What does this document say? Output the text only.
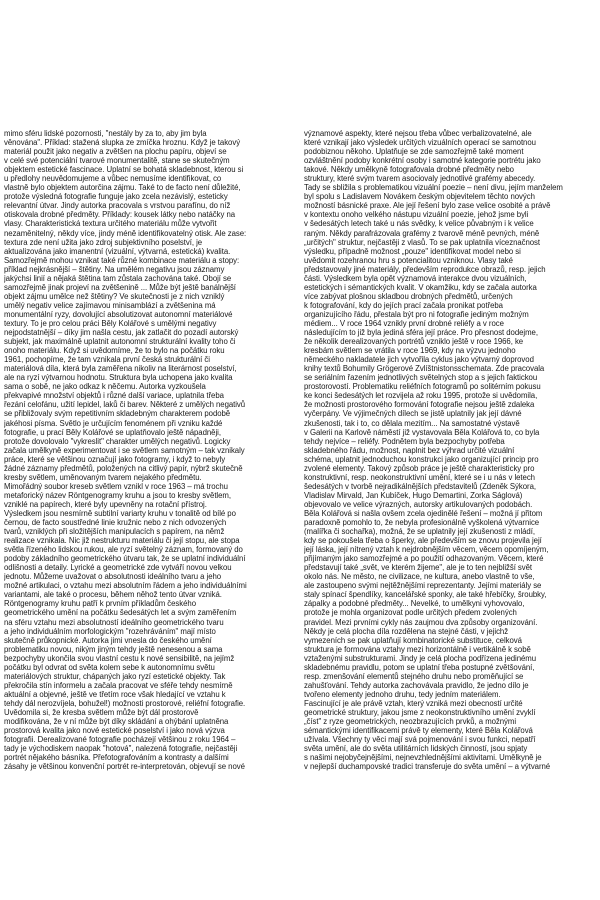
mimo sféru lidské pozornosti, "nestály by za to, aby jim byla
věnována". Příklad: stažená slupka ze zmíčka hroznu. Když je takový
materiál použit jako negativ a zvětšen na plochu papíru, objeví se
v celé své potenciální tvarové monumentalitě, stane se skutečným
objektem estetické fascinace. Uplatní se bohatá skladebnost, kterou si
u předlohy neuvědomujeme a vůbec nemusíme identifikovat, co
vlastně bylo objektem autorčina zájmu. Také to de facto není důležité,
protože výsledná fotografie funguje jako zcela nezávislý, esteticky
relevantní útvar. Jindy autorka pracovala s vrstvou parafínu, do níž
otiskovala drobné předměty. Příklady: kousek látky nebo natáčky na
vlasy. Charakteristická textura určitého materiálu může vytvořit
nezaměnitelný, někdy více, jindy méně identifikovatelný otisk. Ale zase:
textura zde není užita jako zdroj subjektivního poselství, je
aktualizována jako imanentní (vizuální, výtvarná, estetická) kvalita.
Samozřejmě mohou vznikat také různé kombinace materiálu a stopy:
příklad nejkrásnější – štětiny. Na umělém negativu jsou záznamy
jakýchsi linií a nějaká štětina tam zůstala zachována také. Obojí se
samozřejmě jinak projeví na zvětšenině ... Může být ještě banálnější
objekt zájmu umělce než štětiny? Ve skutečnosti je z nich vzniklý
umělý negativ velice zajímavou minisamblází a zvětšenina má
monumentální ryzy, dovolující absolutizovat autonomní materiálové
textury. To je pro celou práci Běly Kolářové s umělými negativy
nejpodstatnější – díky jim našla cestu, jak zatlačit do pozadí autorský
subjekt, jak maximálně uplatnit autonomní strukturální kvality toho či
onoho materiálu. Když si uvědomíme, že to bylo na počátku roku
1961, pochopíme, že tam vznikala první česká strukturální či
materiálová díla, která byla zaměřena nikoliv na literárnost poselství,
ale na ryzí výtvarnou hodnotu. Struktura byla uchopena jako kvalita
sama o sobě, ne jako odkaz k něčemu. Autorka vyzkoušela
překvapivé množství objektů i různé další variace, uplatnila třeba
řezání celofánu, užití lepidel, laků či barev. Některé z umělých negativů
se přibližovaly svým repetitivním skladebným charakterem podobě
jakéhosi písma. Světlo je určujícím fenoménem při vzniku každé
fotografie, u prací Běly Kolářové se uplatňovalo ještě nápadněji,
protože dovolovalo "vykreslit" charakter umělých negativů. Logicky
začala umělkyně experimentovat i se světlem samotným – tak vznikaly
práce, které se většinou označují jako fotogramy, i když to nebyly
žádné záznamy předmětů, položených na citlivý papír, nýbrž skutečně
kresby světlem, uměnovaným tvarem nejakého předmětu.
Mimořádný soubor kreseb světlem vznikl v roce 1963 – má trochu
metaforický název Röntgenogramy kruhu a jsou to kresby světlem,
vzniklé na papírech, které byly upevněny na rotační přístroj.
Výsledkem jsou nesmírně subtilní variarty kruhu v tonalitě od bílé po
černou, de facto soustředné linie kružnic nebo z nich odvozených
tvarů, vzniklých při složitějších manipulacích s papírem, na němž
realizace vznikala. Nic již nestrukturu materiálu či její stopu, ale stopa
světla řízeného lidskou rukou, ale ryzí světelný záznam, formovaný do
podoby základního geometrického útvaru tak, že se uplatní individuální
odlišnosti a detaily. Lyrické a geometrické zde vytváří novou velkou
jednotu. Můžeme uvažovat o absolutnosti ideálního tvaru a jeho
možné artikulaci, o vztahu mezi absolutním řádem a jeho individuálními
variantami, ale také o procesu, během něhož tento útvar vzniká.
Röntgenogramy kruhu patří k prvním příkladům českého
geometrického umění na počátku šedesátých let a svým zaměřením
na sféru vztahu mezi absolutností ideálního geometrického tvaru
a jeho individuálním morfologickým "rozehráváním" mají místo
skutečně průkopnické. Autorka jimi vnesla do českého umění
problematiku novou, nikým jiným tehdy ještě nenesenou a sama
bezpochyby ukončila svou vlastní cestu k nové sensibilitě, na jejímž
počátku byl odvrat od světa kolem sebe k autonomnímu světu
materiálových struktur, chápaných jako ryzí estetické objekty. Tak
překročila stín informelu a začala pracovat ve sféře tehdy nesmírně
aktuální a objevné, ještě ve třetím roce však hledající ve vztahu k
tehdy dál nerozvíjela, bohužel!) možnosti prostorové, reliéfní fotografie.
Uvědomila si, že kresba světlem může být dál prostorově
modifikována, že v ní může být díky skládání a ohýbání uplatněna
prostorová kvalita jako nové estetické poselství i jako nová výzva
fotografii. Derealizované fotografie pocházejí většinou z roku 1964 –
tady je východiskem naopak "hotová", nalezená fotografie, nejčastěji
portrét nějakého básníka. Přefotografováním a kontrasty a dalšími
zásahy je většinou konvenční portrét re-interpretován, objevují se nové
významové aspekty, které nejsou třeba vůbec verbalizovatelné, ale
které vznikají jako výsledek určitých vizuálních operací se samotnou
podobiznou někoho. Uplatňuje se zde samozřejmě také moment
ozvláštnění podoby konkrétní osoby i samotné kategorie portrétu jako
takové. Někdy umělkyně fotografovala drobné předměty nebo
struktury, které svým tvarem asociovaly jednotlivé grafémy abecedy.
Tady se sbližila s problematikou vizuální poezie – není divu, jejím manželem
byl spolu s Ladislavem Novákem českým objevitelem těchto nových
možností básnické praxe. Ale její řešení bylo zase velice osobité a právě
v kontextu onoho velkého nástupu vizuální poezie, jehož jsme byli
v šedesátých letech také u nás svědky, k velice půvabným i k velice
raným. Někdy parafrázovala grafémy z tvarově méně pevných, méně
„určitých" struktur, nejčastěji z vlasů. To se pak uplatnila víceznačnost
výsledku, případně možnost „pouze" identifikovat model nebo si
uvědomit rozehranou hru s potencialitou vzniknou. Vlasy také
představovaly jiné materiály, především reprodukce obrazů, resp. jejich
části. Výsledkem byla opět významová interakce dvou vizuálních,
estetických i sémantických kvalit. V okamžiku, kdy se začala autorka
více zabývat plošnou skladbou drobných předmětů, určených
k fotografování, kdy do jejích prací začala pronikat potřeba
organizujícího řádu, přestala být pro ni fotografie jediným možným
médiem... V roce 1964 vznikly první drobné reliéfy a v roce
následujícím to již byla jediná sféra její práce. Pro přesnost dodejme,
že několik derealizovaných portrétů vzniklo ještě v roce 1966, ke
kresbám světlem se vrátila v roce 1969, kdy na výzvu jednoho
německého nakladatele jich vytvořila cyklus jako výtvarný doprovod
knihy textů Bohumily Grögerové Zvlíštnistonsschemata. Zde pracovala
se seriálním řazením jednotlivých světelných stop a s jejich faktickou
prostorovostí. Problematiku reliéfních fotogramů po solitérním pokusu
ke konci šedesátých let rozvijela až roku 1995, protože si uvědomila,
že možnosti prostorového formování fotografie nejsou ještě zdaleka
vyčerpány. Ve výjimečných dílech se jistě uplatnily jak její dávné
zkušenosti, tak i to, co dělala mezitím... Na samostatné výstavě
v Galerii na Karlově náměstí již vystavovala Běla Kolářová to, co byla
tehdy nejvíce – reliéfy. Podnětem byla bezpochyby potřeba
skladebného řádu, možnost, naplnit bez výhrad určité vizuální
schéma, uplatnit jednoduchou konstrukci jako organizující princip pro
zvolené elementy. Takový způsob práce je ještě charakteristicky pro
konstruktivní, resp. neokonstruktivní umění, které se i u nás v letech
šedesátých v tvorbě nejradikálnějších představitelů (Zdeněk Sýkora,
Vladislav Mirvald, Jan Kubíček, Hugo Demartini, Zorka Ságlová)
objevovalo ve velice výrazných, autorsky artikulovaných podobách.
Běla Kolářová si našla ovšem zcela ojedinělé řešení – možná jí přitom
paradoxně pomohlo to, že nebyla profesionálně vyškolená výtvarnice
(malířka či sochařka), možná, že se uplatnily její zkušenosti z mládí,
kdy se pokoušela třeba o šperky, ale především se znovu projevila její
její láska, její nítrený vztah k nejdrobnějším věcem, věcem opomíjeným,
přijímaným jako samozřejmé a po použití odhazovaným. Věcem, které
představují také „svět, ve kterém žijeme", ale je to ten nejbližší svět
okolo nás. Ne město, ne civilizace, ne kultura, anebo vlastně to vše,
ale zastoupeno svými nejtěžnějšími reprezentanty. Jejími materiály se
staly spínací špendlíky, kancelářské sponky, ale také hřebíčky, šroubky,
zápalky a podobné předměty... Nevelké, to umělkyni vyhovovalo,
protože je mohla organizovat podle určitých předem zvolených
pravidel. Mezi prvními cykly nás zaujmou dva způsoby organizování.
Někdy je celá plocha díla rozdělena na stejné části, v jejichž
vymezeních se pak uplatňují kombinatorické substituce, celková
struktura je formována vztahy mezi horizontálně i vertikálně k sobě
vztaženými substrukturami. Jindy je celá plocha podřízena jedinému
skladebnému pravidlu, potom se uplatní třeba postupné zvětšování,
resp. zmenšování elementů stejného druhu nebo proměňující se
zahušťování. Tehdy autorka zachovávala pravidlo, že jedno dílo je
tvořeno elementy jednoho druhu, tedy jedním materiálem.
Fascinující je ale právě vztah, který vzniká mezi obecností určité
geometrické struktury, jakou jsme z neokonstruktivního umění zvyklí
„číst" z ryze geometrických, neozbrazujících prvků, a možnými
sémantickými identifikacemi právě ty elementy, které Běla Kolářová
užívala. Všechny ty věci mají svá pojmenování i svou funkci, nepatří
světa umění, ale do světa utilitárních lidských činností, jsou spjaty
s našimi nejobyčejnějšími, nejnevzhlednějšími aktivitami. Umělkyně je
v nejlepší duchampovské tradici transferuje do světa umění – a výtvarné
